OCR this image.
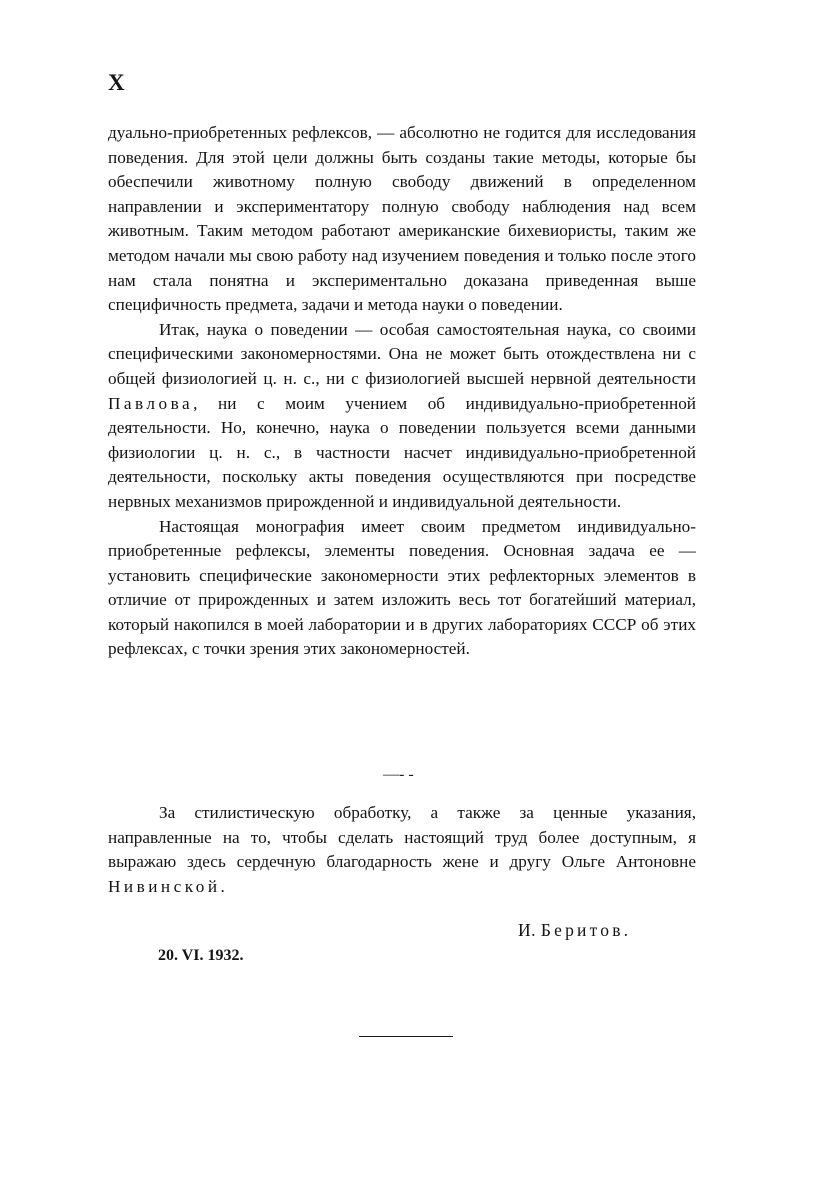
X

дуально-приобретенных рефлексов, — абсолютно не годится для исследования поведения. Для этой цели должны быть созданы такие методы, которые бы обеспечили животному полную свободу движений в определенном направлении и экспериментатору полную свободу наблюдения над всем животным. Таким методом работают американские бихевиористы, таким же методом начали мы свою работу над изучением поведения и только после этого нам стала понятна и экспериментально доказана приведенная выше специфичность предмета, задачи и метода науки о поведении.

Итак, наука о поведении — особая самостоятельная наука, со своими специфическими закономерностями. Она не может быть отождествлена ни с общей физиологией ц. н. с., ни с физиологией высшей нервной деятельности Павлова, ни с моим учением об индивидуально-приобретенной деятельности. Но, конечно, наука о поведении пользуется всеми данными физиологии ц. н. с., в частности насчет индивидуально-приобретенной деятельности, поскольку акты поведения осуществляются при посредстве нервных механизмов прирожденной и индивидуальной деятельности.

Настоящая монография имеет своим предметом индивидуально-приобретенные рефлексы, элементы поведения. Основная задача ее — установить специфические закономерности этих рефлекторных элементов в отличие от прирожденных и затем изложить весь тот богатейший материал, который накопился в моей лаборатории и в других лабораториях СССР об этих рефлексах, с точки зрения этих закономерностей.

—- -

За стилистическую обработку, а также за ценные указания, направленные на то, чтобы сделать настоящий труд более доступным, я выражаю здесь сердечную благодарность жене и другу Ольге Антоновне Нивинской.

И. Беритов.

20. VI. 1932.
